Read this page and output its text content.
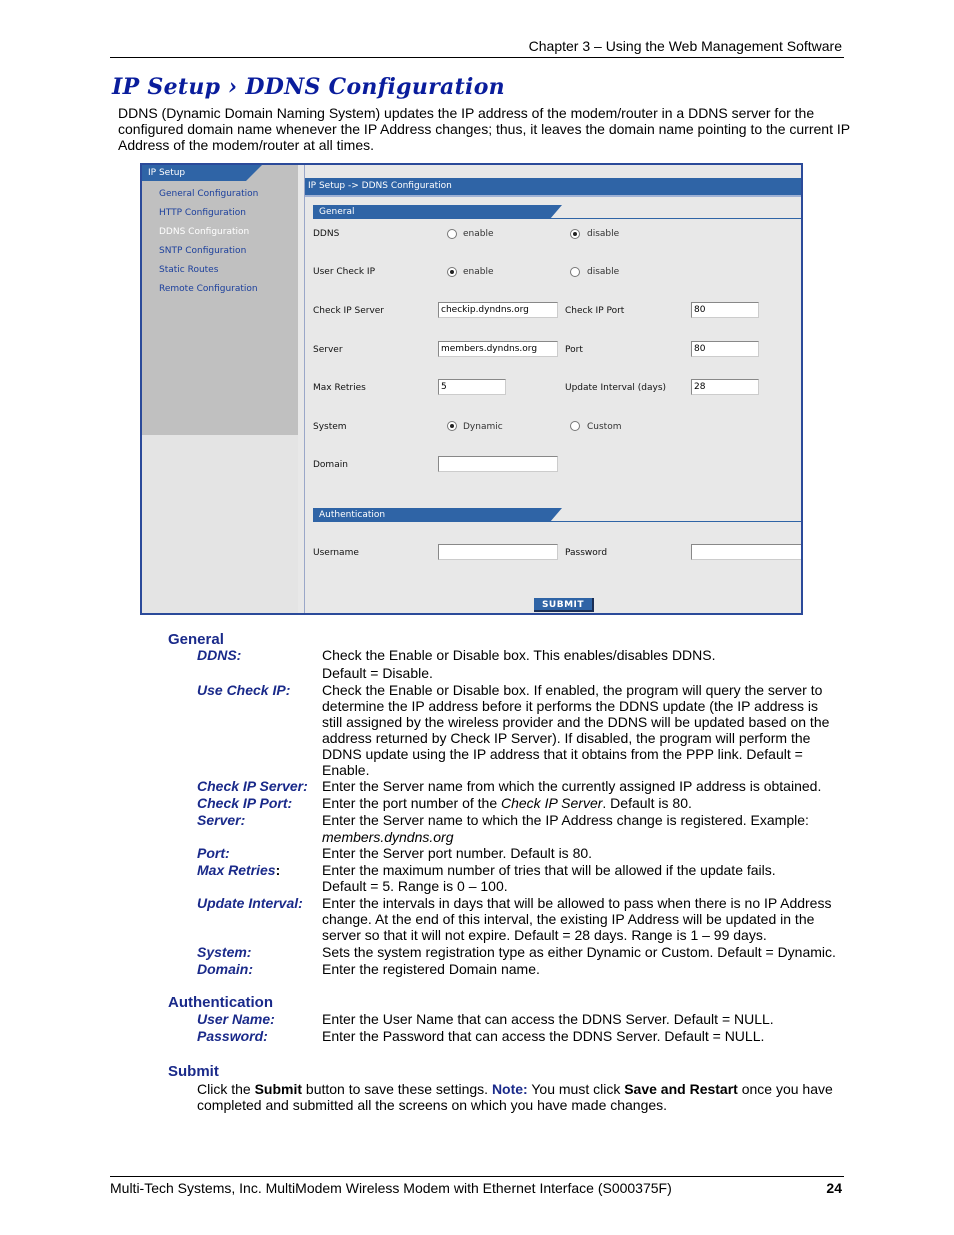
Chapter 3 – Using the Web Management Software
IP Setup › DDNS Configuration
DDNS (Dynamic Domain Naming System) updates the IP address of the modem/router in a DDNS server for the configured domain name whenever the IP Address changes; thus, it leaves the domain name pointing to the current IP Address of the modem/router at all times.
IP Setup
General Configuration
HTTP Configuration
DDNS Configuration
SNTP Configuration
Static Routes
Remote Configuration
IP Setup -> DDNS Configuration
General
DDNS	enable	disable
User Check IP	enable	disable
Check IP Server	checkip.dyndns.org	Check IP Port	80
Server	members.dyndns.org	Port	80
Max Retries	5	Update Interval (days)	28
System	Dynamic	Custom
Domain
Authentication
Username	Password
SUBMIT
General
DDNS:	Check the Enable or Disable box. This enables/disables DDNS.
Default = Disable.
Use Check IP: Check the Enable or Disable box. If enabled, the program will query the server to determine the IP address before it performs the DDNS update (the IP address is still assigned by the wireless provider and the DDNS will be updated based on the address returned by Check IP Server). If disabled, the program will perform the DDNS update using the IP address that it obtains from the PPP link. Default = Enable.
Check IP Server: Enter the Server name from which the currently assigned IP address is obtained.
Check IP Port: Enter the port number of the Check IP Server. Default is 80.
Server:	Enter the Server name to which the IP Address change is registered. Example:
members.dyndns.org
Port:	Enter the Server port number. Default is 80.
Max Retries:	Enter the maximum number of tries that will be allowed if the update fails.
Default = 5. Range is 0 – 100.
Update Interval: Enter the intervals in days that will be allowed to pass when there is no IP Address change. At the end of this interval, the existing IP Address will be updated in the server so that it will not expire. Default = 28 days. Range is 1 – 99 days.
System:	Sets the system registration type as either Dynamic or Custom. Default = Dynamic.
Domain:	Enter the registered Domain name.
Authentication
User Name:	Enter the User Name that can access the DDNS Server. Default = NULL.
Password:	Enter the Password that can access the DDNS Server. Default = NULL.
Submit
Click the Submit button to save these settings. Note: You must click Save and Restart once you have completed and submitted all the screens on which you have made changes.
Multi-Tech Systems, Inc. MultiModem Wireless Modem with Ethernet Interface (S000375F)	24
